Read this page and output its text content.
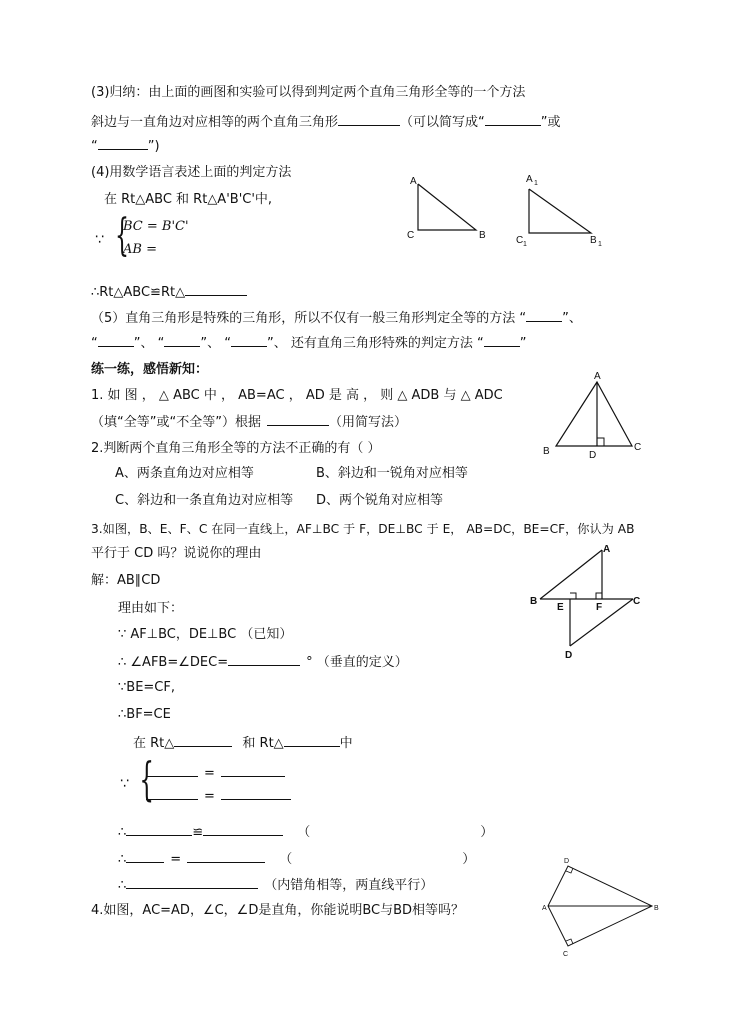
(3)归纳：由上面的画图和实验可以得到判定两个直角三角形全等的一个方法
斜边与一直角边对应相等的两个直角三角形	（可以简写成“	”或
“	”)
(4)用数学语言表述上面的判定方法
在 Rt△ABC 和 Rt△A'B'C'中,
∵ {
BC = B'C'
AB =
∴Rt△ABC≌Rt△
A
C	B
A 1
C 1	B 1
（5）直角三角形是特殊的三角形，所以不仅有一般三角形判定全等的方法 “	”、
“	”、 “	”、 “	”、 还有直角三角形特殊的判定方法 “	”
练一练，感悟新知：
1. 如 图 ， △ ABC 中 ， AB=AC ， AD 是 高 ， 则 △ ADB 与 △ ADC
（填“全等”或“不全等”）根据	（用简写法）
A
B	C
D
2.判断两个直角三角形全等的方法不正确的有（ ）
A、两条直角边对应相等	B、斜边和一锐角对应相等
C、斜边和一条直角边对应相等 D、两个锐角对应相等
3.如图，B、E、F、C 在同一直线上，AF⊥BC 于 F，DE⊥BC 于 E， AB=DC，BE=CF，你认为 AB
平行于 CD 吗？说说你的理由
解：AB∥CD
理由如下：
∵ AF⊥BC，DE⊥BC （已知）
∴ ∠AFB=∠DEC=	° （垂直的定义）
∵BE=CF,
∴BF=CE
在 Rt△	和 Rt△	中
∵ {	=
=
∴	≌	（	）
∴	=	（	）
∴	（内错角相等，两直线平行）
A
B	C
D
E	F
4.如图，AC=AD，∠C，∠D是直角，你能说明BC与BD相等吗？	A	B
C
D
